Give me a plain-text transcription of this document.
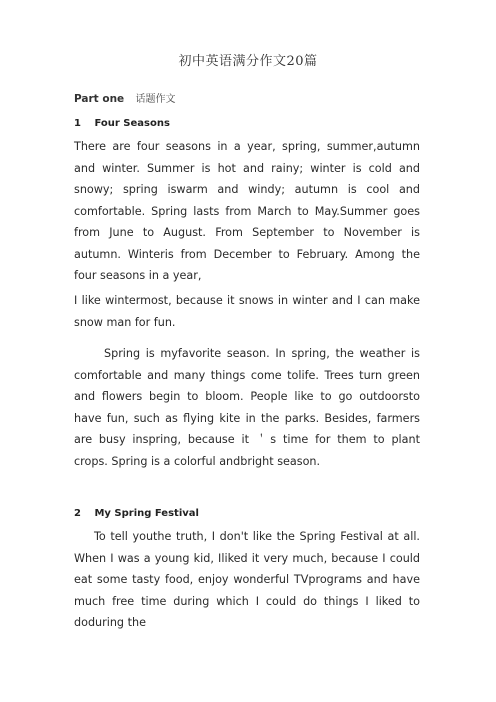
初中英语满分作文20篇
Part one 话题作文
1 Four Seasons
There are four seasons in a year, spring, summer,autumn and winter. Summer is hot and rainy; winter is cold and snowy; spring iswarm and windy; autumn is cool and comfortable. Spring lasts from March to May.Summer goes from June to August. From September to November is autumn. Winteris from December to February. Among the four seasons in a year,
I like wintermost, because it snows in winter and I can make snow man for fun.
Spring is myfavorite season. In spring, the weather is comfortable and many things come tolife. Trees turn green and flowers begin to bloom. People like to go outdoorsto have fun, such as flying kite in the parks. Besides, farmers are busy inspring, because it ＇s time for them to plant crops. Spring is a colorful andbright season.
2 My Spring Festival
To tell youthe truth, I don't like the Spring Festival at all. When I was a young kid, Iliked it very much, because I could eat some tasty food, enjoy wonderful TVprograms and have much free time during which I could do things I liked to doduring the
